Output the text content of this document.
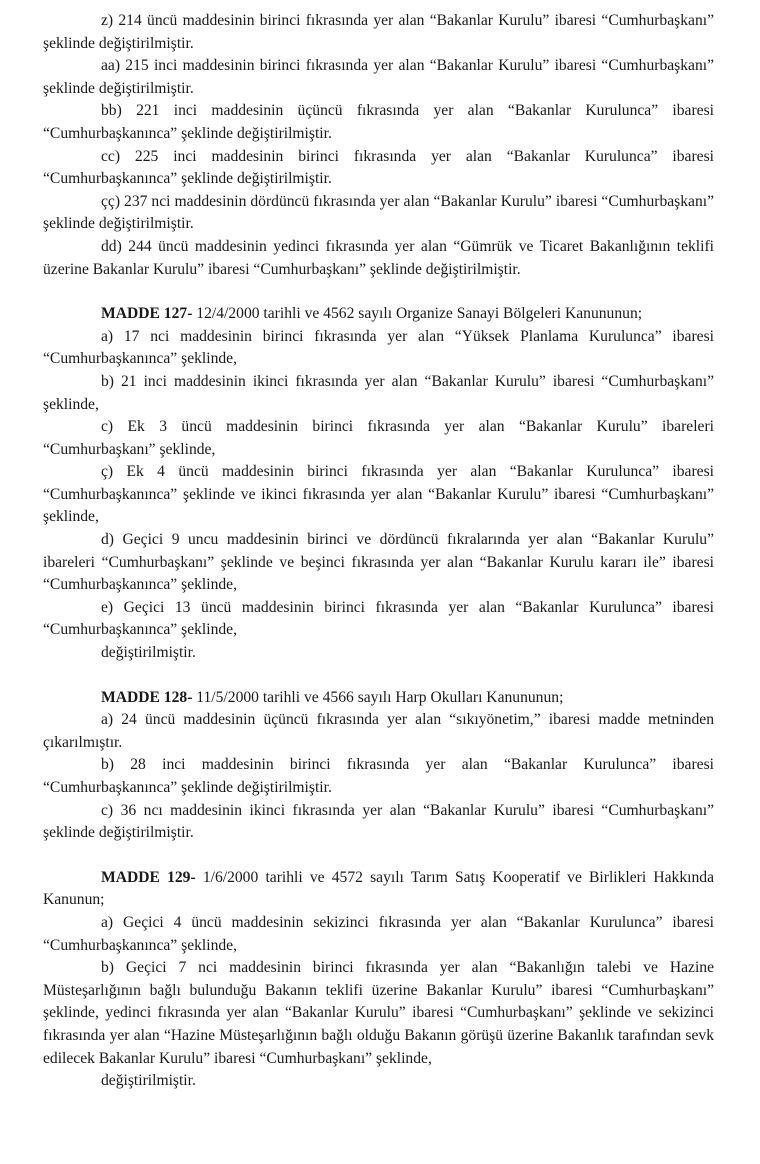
z) 214 üncü maddesinin birinci fıkrasında yer alan “Bakanlar Kurulu” ibaresi “Cumhurbaşkanı” şeklinde değiştirilmiştir.

aa) 215 inci maddesinin birinci fıkrasında yer alan “Bakanlar Kurulu” ibaresi “Cumhurbaşkanı” şeklinde değiştirilmiştir.

bb) 221 inci maddesinin üçüncü fıkrasında yer alan “Bakanlar Kurulunca” ibaresi “Cumhurbaşkanınca” şeklinde değiştirilmiştir.

cc) 225 inci maddesinin birinci fıkrasında yer alan “Bakanlar Kurulunca” ibaresi “Cumhurbaşkanınca” şeklinde değiştirilmiştir.

çç) 237 nci maddesinin dördüncü fıkrasında yer alan “Bakanlar Kurulu” ibaresi “Cumhurbaşkanı” şeklinde değiştirilmiştir.

dd) 244 üncü maddesinin yedinci fıkrasında yer alan “Gümrük ve Ticaret Bakanlığının teklifi üzerine Bakanlar Kurulu” ibaresi “Cumhurbaşkanı” şeklinde değiştirilmiştir.

MADDE 127- 12/4/2000 tarihli ve 4562 sayılı Organize Sanayi Bölgeleri Kanununun;

a) 17 nci maddesinin birinci fıkrasında yer alan “Yüksek Planlama Kurulunca” ibaresi “Cumhurbaşkanınca” şeklinde,

b) 21 inci maddesinin ikinci fıkrasında yer alan “Bakanlar Kurulu” ibaresi “Cumhurbaşkanı” şeklinde,

c) Ek 3 üncü maddesinin birinci fıkrasında yer alan “Bakanlar Kurulu” ibareleri “Cumhurbaşkanı” şeklinde,

ç) Ek 4 üncü maddesinin birinci fıkrasında yer alan “Bakanlar Kurulunca” ibaresi “Cumhurbaşkanınca” şeklinde ve ikinci fıkrasında yer alan “Bakanlar Kurulu” ibaresi “Cumhurbaşkanı” şeklinde,

d) Geçici 9 uncu maddesinin birinci ve dördüncü fıkralarında yer alan “Bakanlar Kurulu” ibareleri “Cumhurbaşkanı” şeklinde ve beşinci fıkrasında yer alan “Bakanlar Kurulu kararı ile” ibaresi “Cumhurbaşkanınca” şeklinde,

e) Geçici 13 üncü maddesinin birinci fıkrasında yer alan “Bakanlar Kurulunca” ibaresi “Cumhurbaşkanınca” şeklinde,

değiştirilmiştir.

MADDE 128- 11/5/2000 tarihli ve 4566 sayılı Harp Okulları Kanununun;

a) 24 üncü maddesinin üçüncü fıkrasında yer alan “sıkıyönetim,” ibaresi madde metninden çıkarılmıştır.

b) 28 inci maddesinin birinci fıkrasında yer alan “Bakanlar Kurulunca” ibaresi “Cumhurbaşkanınca” şeklinde değiştirilmiştir.

c) 36 ncı maddesinin ikinci fıkrasında yer alan “Bakanlar Kurulu” ibaresi “Cumhurbaşkanı” şeklinde değiştirilmiştir.

MADDE 129- 1/6/2000 tarihli ve 4572 sayılı Tarım Satış Kooperatif ve Birlikleri Hakkında Kanunun;

a) Geçici 4 üncü maddesinin sekizinci fıkrasında yer alan “Bakanlar Kurulunca” ibaresi “Cumhurbaşkanınca” şeklinde,

b) Geçici 7 nci maddesinin birinci fıkrasında yer alan “Bakanlığın talebi ve Hazine Müsteşarlığının bağlı bulunduğu Bakanın teklifi üzerine Bakanlar Kurulu” ibaresi “Cumhurbaşkanı” şeklinde, yedinci fıkrasında yer alan “Bakanlar Kurulu” ibaresi “Cumhurbaşkanı” şeklinde ve sekizinci fıkrasında yer alan “Hazine Müsteşarlığının bağlı olduğu Bakanın görüşü üzerine Bakanlık tarafından sevk edilecek Bakanlar Kurulu” ibaresi “Cumhurbaşkanı” şeklinde,

değiştirilmiştir.
